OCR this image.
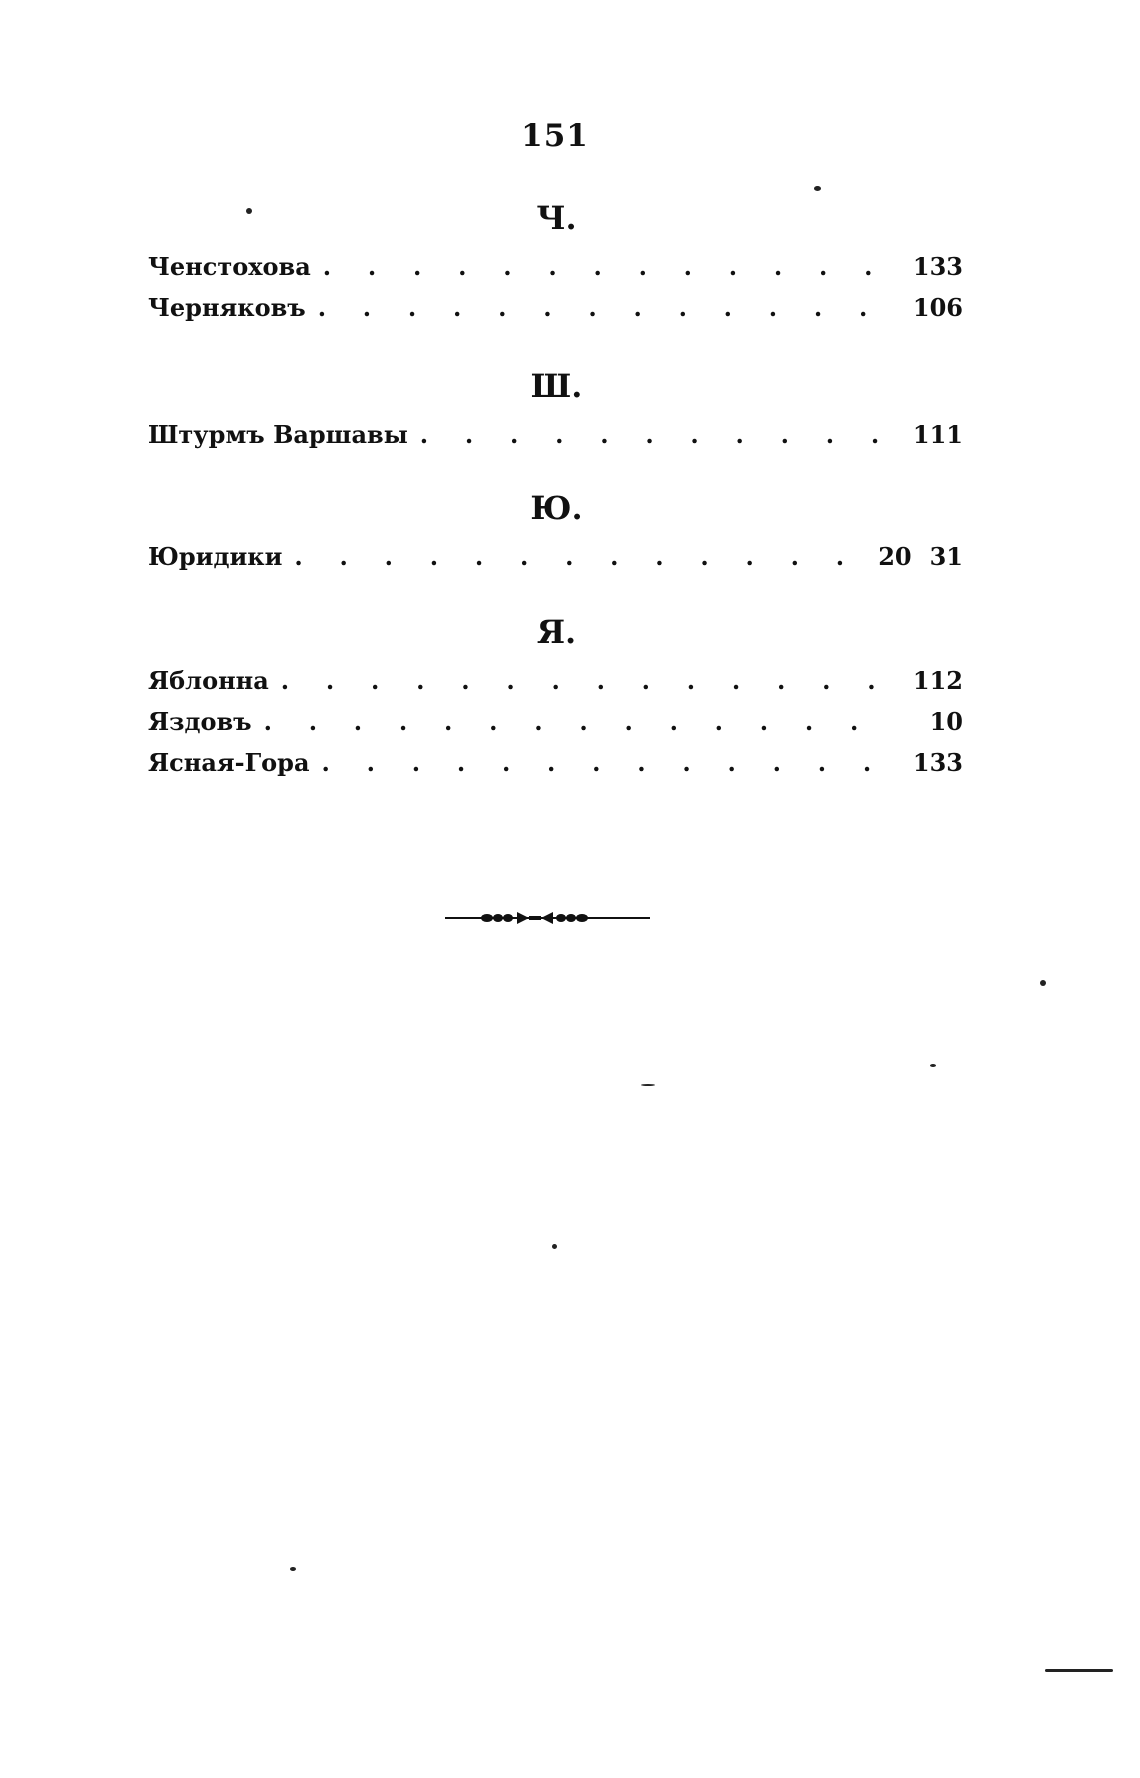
151
Ч.
Ченстохова . . .	133
Черняковъ . . .	106
Ш.
Штурмъ Варшавы . . .	111
Ю.
Юридики . . .	20 31
Я.
Яблонна . . .	112
Яздовъ . . .	10
Ясная-Гора . . .	133
